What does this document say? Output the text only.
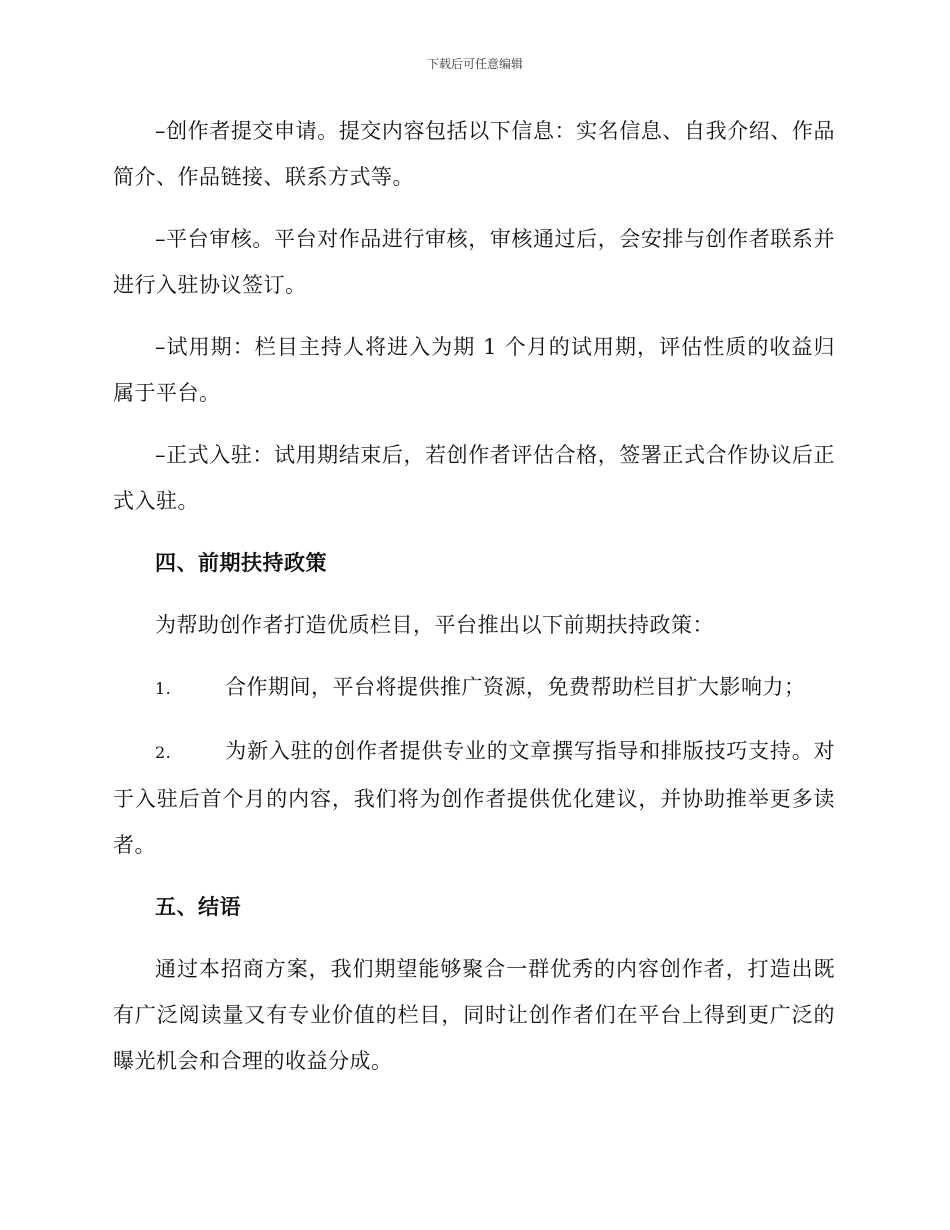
下载后可任意编辑

–创作者提交申请。提交内容包括以下信息：实名信息、自我介绍、作品简介、作品链接、联系方式等。

–平台审核。平台对作品进行审核，审核通过后，会安排与创作者联系并进行入驻协议签订。

–试用期：栏目主持人将进入为期 1 个月的试用期，评估性质的收益归属于平台。

–正式入驻：试用期结束后，若创作者评估合格，签署正式合作协议后正式入驻。

四、前期扶持政策

为帮助创作者打造优质栏目，平台推出以下前期扶持政策：

1.	合作期间，平台将提供推广资源，免费帮助栏目扩大影响力；

2.	为新入驻的创作者提供专业的文章撰写指导和排版技巧支持。对于入驻后首个月的内容，我们将为创作者提供优化建议，并协助推举更多读者。

五、结语

通过本招商方案，我们期望能够聚合一群优秀的内容创作者，打造出既有广泛阅读量又有专业价值的栏目，同时让创作者们在平台上得到更广泛的曝光机会和合理的收益分成。
